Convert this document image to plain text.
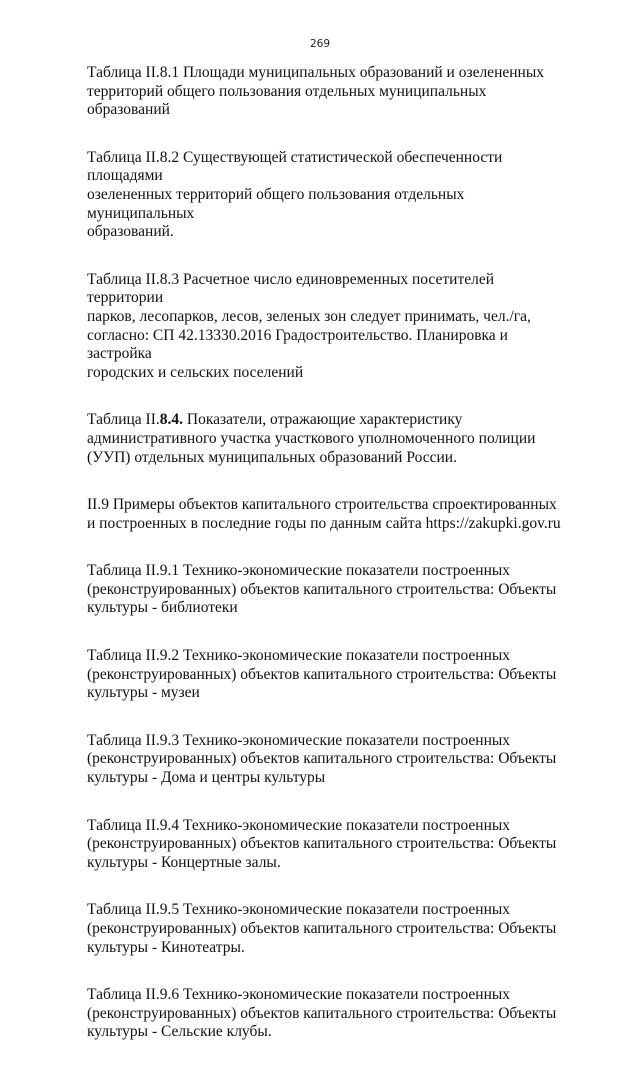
269

Таблица II.8.1 Площади муниципальных образований и озелененных
территорий общего пользования отдельных муниципальных образований

Таблица II.8.2 Существующей статистической обеспеченности площадями
озелененных территорий общего пользования отдельных муниципальных
образований.

Таблица II.8.3 Расчетное число единовременных посетителей территории
парков, лесопарков, лесов, зеленых зон следует принимать, чел./га,
согласно: СП 42.13330.2016 Градостроительство. Планировка и застройка
городских и сельских поселений

Таблица II.8.4. Показатели, отражающие характеристику
административного участка участкового уполномоченного полиции
(УУП) отдельных муниципальных образований России.

II.9 Примеры объектов капитального строительства спроектированных
и построенных в последние годы по данным сайта https://zakupki.gov.ru

Таблица II.9.1 Технико-экономические показатели построенных
(реконструированных) объектов капитального строительства: Объекты
культуры - библиотеки

Таблица II.9.2 Технико-экономические показатели построенных
(реконструированных) объектов капитального строительства: Объекты
культуры - музеи

Таблица II.9.3 Технико-экономические показатели построенных
(реконструированных) объектов капитального строительства: Объекты
культуры - Дома и центры культуры

Таблица II.9.4 Технико-экономические показатели построенных
(реконструированных) объектов капитального строительства: Объекты
культуры - Концертные залы.

Таблица II.9.5 Технико-экономические показатели построенных
(реконструированных) объектов капитального строительства: Объекты
культуры - Кинотеатры.

Таблица II.9.6 Технико-экономические показатели построенных
(реконструированных) объектов капитального строительства: Объекты
культуры - Сельские клубы.
